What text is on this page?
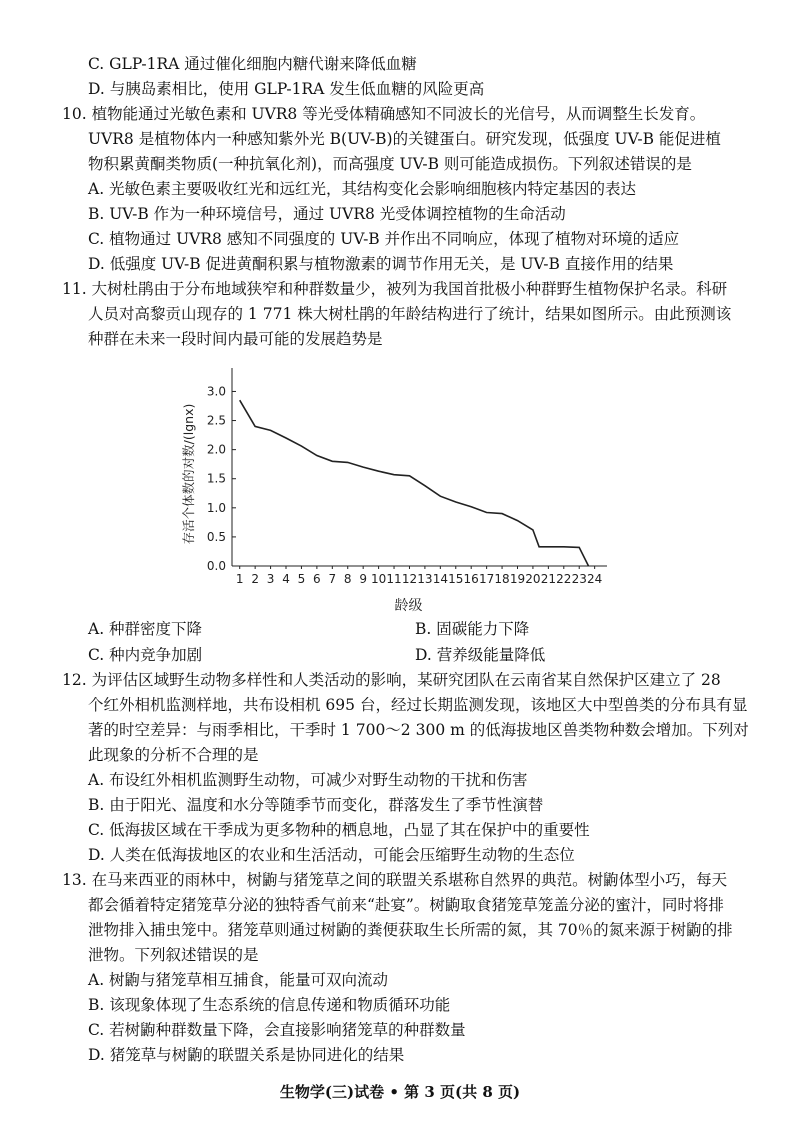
C. GLP-1RA 通过催化细胞内糖代谢来降低血糖
D. 与胰岛素相比，使用 GLP-1RA 发生低血糖的风险更高
10. 植物能通过光敏色素和 UVR8 等光受体精确感知不同波长的光信号，从而调整生长发育。
UVR8 是植物体内一种感知紫外光 B(UV-B)的关键蛋白。研究发现，低强度 UV-B 能促进植
物积累黄酮类物质(一种抗氧化剂)，而高强度 UV-B 则可能造成损伤。下列叙述错误的是
A. 光敏色素主要吸收红光和远红光，其结构变化会影响细胞核内特定基因的表达
B. UV-B 作为一种环境信号，通过 UVR8 光受体调控植物的生命活动
C. 植物通过 UVR8 感知不同强度的 UV-B 并作出不同响应，体现了植物对环境的适应
D. 低强度 UV-B 促进黄酮积累与植物激素的调节作用无关，是 UV-B 直接作用的结果
11. 大树杜鹃由于分布地域狭窄和种群数量少，被列为我国首批极小种群野生植物保护名录。科研
人员对高黎贡山现存的 1 771 株大树杜鹃的年龄结构进行了统计，结果如图所示。由此预测该
种群在未来一段时间内最可能的发展趋势是
0.0
0.5
1.0
1.5
2.0
2.5
3.0
1 2 3 4 5 6 7 8 9 10 11 12 13 14 15 16 17 18 19 20 21 22 23 24
龄级
存活个体数的对数/(lgnx)
A. 种群密度下降	B. 固碳能力下降
C. 种内竞争加剧	D. 营养级能量降低
12. 为评估区域野生动物多样性和人类活动的影响，某研究团队在云南省某自然保护区建立了 28
个红外相机监测样地，共布设相机 695 台，经过长期监测发现，该地区大中型兽类的分布具有显
著的时空差异：与雨季相比，干季时 1 700～2 300 m 的低海拔地区兽类物种数会增加。下列对
此现象的分析不合理的是
A. 布设红外相机监测野生动物，可减少对野生动物的干扰和伤害
B. 由于阳光、温度和水分等随季节而变化，群落发生了季节性演替
C. 低海拔区域在干季成为更多物种的栖息地，凸显了其在保护中的重要性
D. 人类在低海拔地区的农业和生活活动，可能会压缩野生动物的生态位
13. 在马来西亚的雨林中，树鼩与猪笼草之间的联盟关系堪称自然界的典范。树鼩体型小巧，每天
都会循着特定猪笼草分泌的独特香气前来“赴宴”。树鼩取食猪笼草笼盖分泌的蜜汁，同时将排
泄物排入捕虫笼中。猪笼草则通过树鼩的粪便获取生长所需的氮，其 70％的氮来源于树鼩的排
泄物。下列叙述错误的是
A. 树鼩与猪笼草相互捕食，能量可双向流动
B. 该现象体现了生态系统的信息传递和物质循环功能
C. 若树鼩种群数量下降，会直接影响猪笼草的种群数量
D. 猪笼草与树鼩的联盟关系是协同进化的结果
生物学(三)试卷 • 第 3 页(共 8 页)
